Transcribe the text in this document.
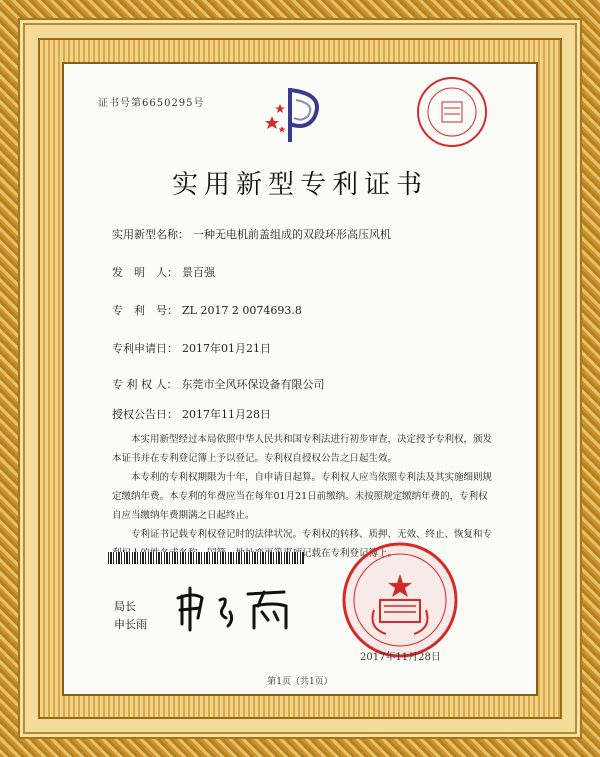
证书号第6650295号
实用新型专利证书
实用新型名称： 一种无电机前盖组成的双段环形高压风机
发　明　人： 景百强
专　利　号： ZL 2017 2 0074693.8
专利申请日： 2017年01月21日
专 利 权 人： 东莞市全风环保设备有限公司
授权公告日： 2017年11月28日

本实用新型经过本局依照中华人民共和国专利法进行初步审查，决定授予专利权，颁发本证书并在专利登记簿上予以登记。专利权自授权公告之日起生效。

本专利的专利权期限为十年，自申请日起算。专利权人应当依照专利法及其实施细则规定缴纳年费。本专利的年费应当在每年01月21日前缴纳。未按照规定缴纳年费的，专利权自应当缴纳年费期满之日起终止。

专利证书记载专利权登记时的法律状况。专利权的转移、质押、无效、终止、恢复和专 地址变更等事项记载在专利登记簿上。

局长
申长雨
2017年11月28日
第1页（共1页）
